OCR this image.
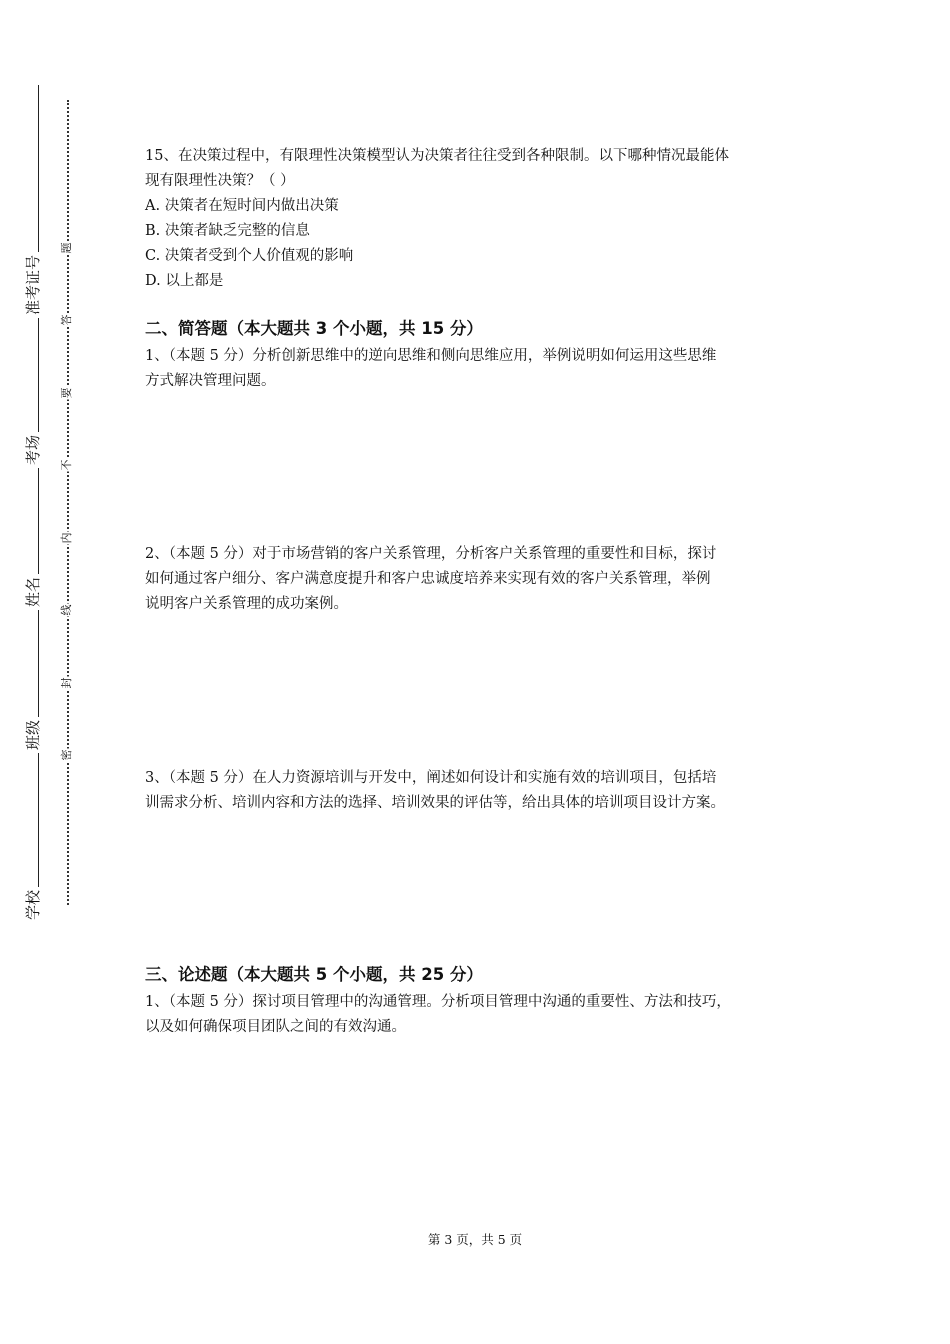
准考证号
考场
姓名
班级
学校
题
答
要
不
内
线
封
密
15、在决策过程中，有限理性决策模型认为决策者往往受到各种限制。以下哪种情况最能体
现有限理性决策？（ ）
A. 决策者在短时间内做出决策
B. 决策者缺乏完整的信息
C. 决策者受到个人价值观的影响
D. 以上都是
二、简答题（本大题共 3 个小题，共 15 分）
1、（本题 5 分）分析创新思维中的逆向思维和侧向思维应用，举例说明如何运用这些思维
方式解决管理问题。
2、（本题 5 分）对于市场营销的客户关系管理，分析客户关系管理的重要性和目标，探讨
如何通过客户细分、客户满意度提升和客户忠诚度培养来实现有效的客户关系管理，举例
说明客户关系管理的成功案例。
3、（本题 5 分）在人力资源培训与开发中，阐述如何设计和实施有效的培训项目，包括培
训需求分析、培训内容和方法的选择、培训效果的评估等，给出具体的培训项目设计方案。
三、论述题（本大题共 5 个小题，共 25 分）
1、（本题 5 分）探讨项目管理中的沟通管理。分析项目管理中沟通的重要性、方法和技巧，
以及如何确保项目团队之间的有效沟通。
第 3 页，共 5 页
